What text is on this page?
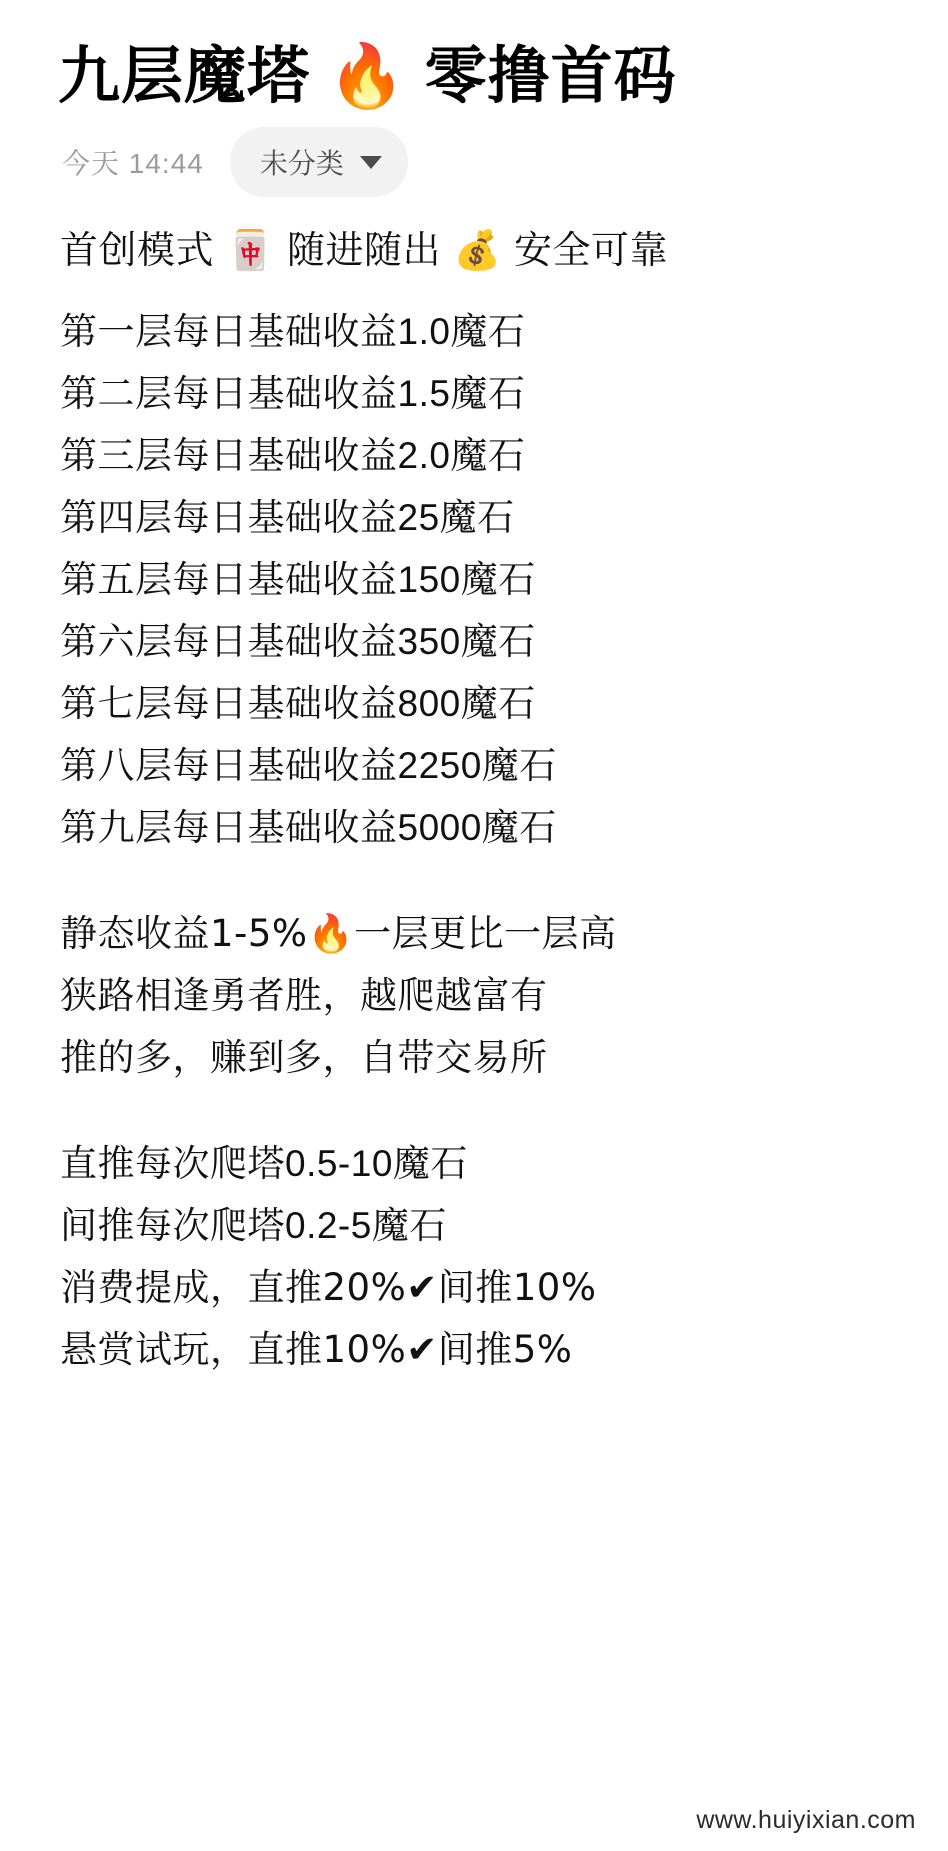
九层魔塔 🔥 零撸首码
今天 14:44 未分类

首创模式 🀄 随进随出 💰 安全可靠

第一层每日基础收益1.0魔石

第二层每日基础收益1.5魔石

第三层每日基础收益2.0魔石

第四层每日基础收益25魔石

第五层每日基础收益150魔石

第六层每日基础收益350魔石

第七层每日基础收益800魔石

第八层每日基础收益2250魔石

第九层每日基础收益5000魔石

静态收益1-5%🔥一层更比一层高

狭路相逢勇者胜，越爬越富有

推的多，赚到多，自带交易所

直推每次爬塔0.5-10魔石

间推每次爬塔0.2-5魔石

消费提成，直推20%✔间推10%

悬赏试玩，直推10%✔间推5%

www.huiyixian.com
